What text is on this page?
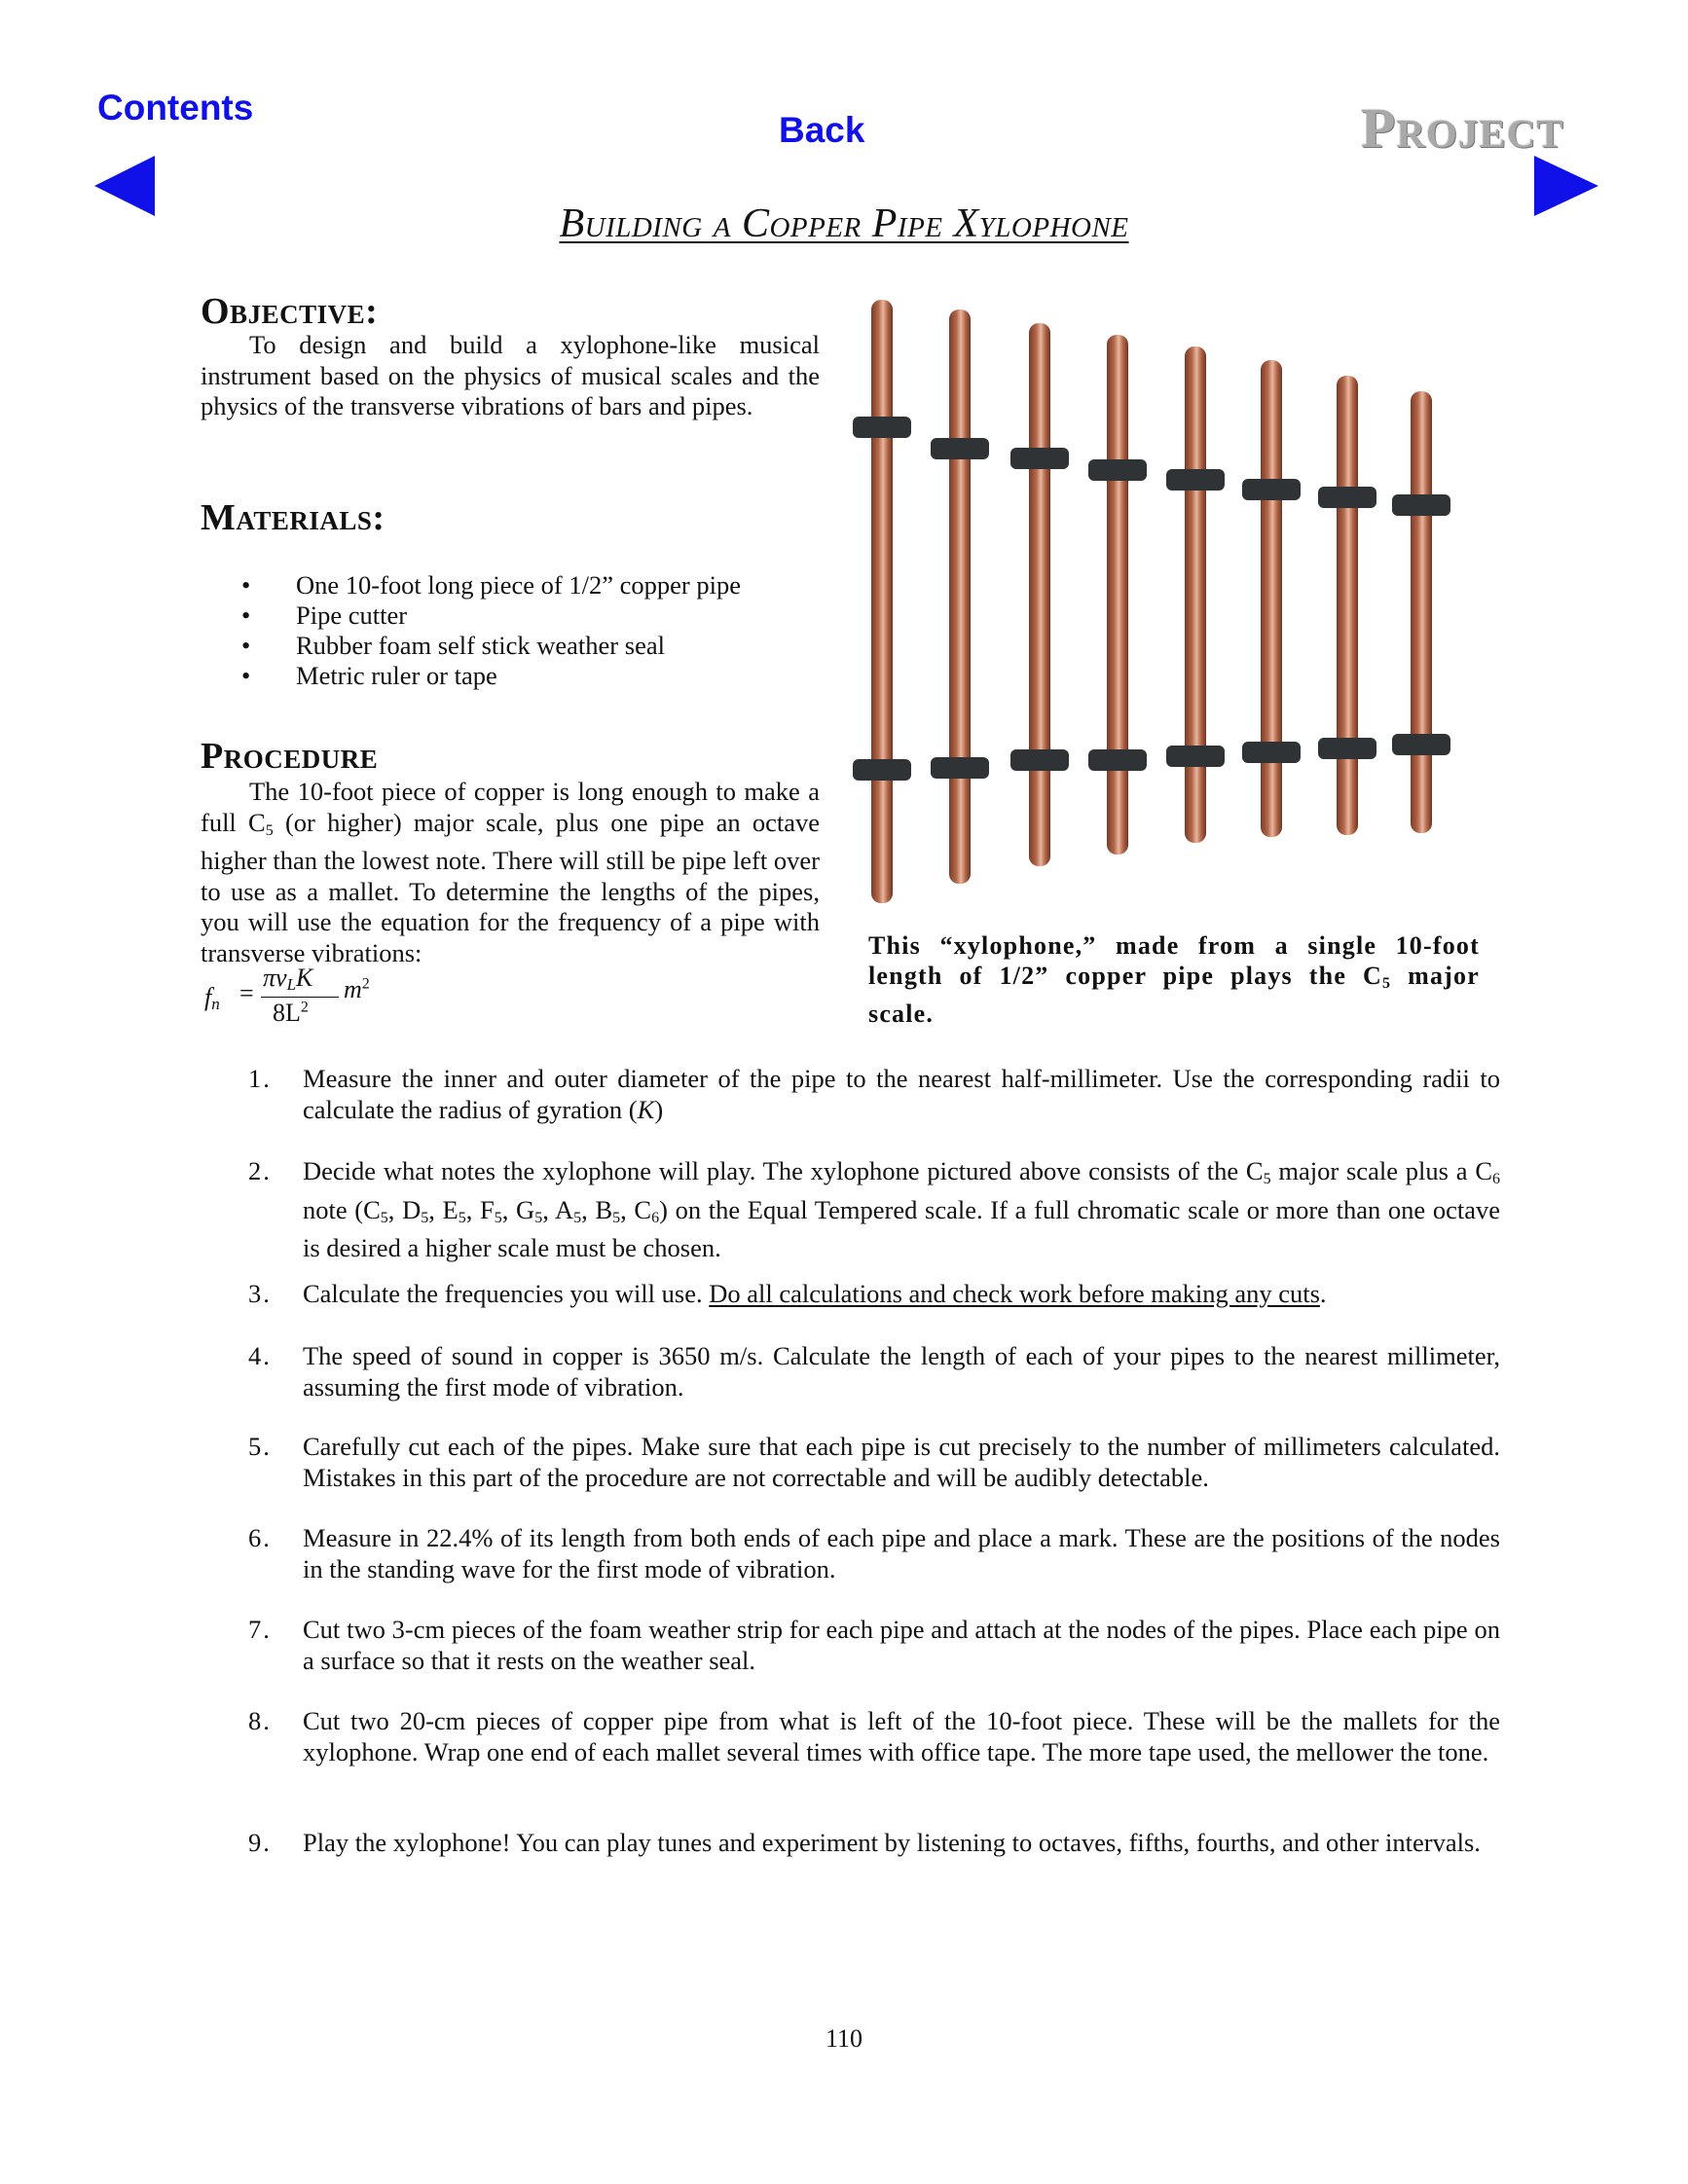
Contents
Back	Project
Building a Copper Pipe Xylophone
Objective:
To design and build a xylophone-like musical instrument based on the physics of musical scales and the physics of the transverse vibrations of bars and pipes.
Materials:
• One 10-foot long piece of 1/2” copper pipe
• Pipe cutter
• Rubber foam self stick weather seal
• Metric ruler or tape
Procedure
The 10-foot piece of copper is long enough to make a full $C_5$ (or higher) major scale, plus one pipe an octave higher than the lowest note. There will still be pipe left over to use as a mallet. To determine the lengths of the pipes, you will use the equation for the frequency of a pipe with transverse vibrations:
$f_n$ =
$\pi v_LK$
$8L^2$
$m^2$
This “xylophone,” made from a single 10-foot length of 1/2” copper pipe plays the $C_5$ major scale.
1.	Measure the inner and outer diameter of the pipe to the nearest half-millimeter. Use the corresponding radii to calculate the radius of gyration (K)
2.	Decide what notes the xylophone will play. The xylophone pictured above consists of the $C_5$ major scale plus a $C_6$ note ($C_5$, $D_5$, $E_5$, $F_5$, $G_5$, $A_5$, $B_5$, $C_6$) on the Equal Tempered scale. If a full chromatic scale or more than one octave is desired a higher scale must be chosen.
3.	Calculate the frequencies you will use. Do all calculations and check work before making any cuts.
4.	The speed of sound in copper is 3650 m/s. Calculate the length of each of your pipes to the nearest millimeter, assuming the first mode of vibration.
5.	Carefully cut each of the pipes. Make sure that each pipe is cut precisely to the number of millimeters calculated. Mistakes in this part of the procedure are not correctable and will be audibly detectable.
6.	Measure in 22.4% of its length from both ends of each pipe and place a mark. These are the positions of the nodes in the standing wave for the first mode of vibration.
7.	Cut two 3-cm pieces of the foam weather strip for each pipe and attach at the nodes of the pipes. Place each pipe on a surface so that it rests on the weather seal.
8.	Cut two 20-cm pieces of copper pipe from what is left of the 10-foot piece. These will be the mallets for the xylophone. Wrap one end of each mallet several times with office tape. The more tape used, the mellower the tone.
9.	Play the xylophone! You can play tunes and experiment by listening to octaves, fifths, fourths, and other intervals.
110
